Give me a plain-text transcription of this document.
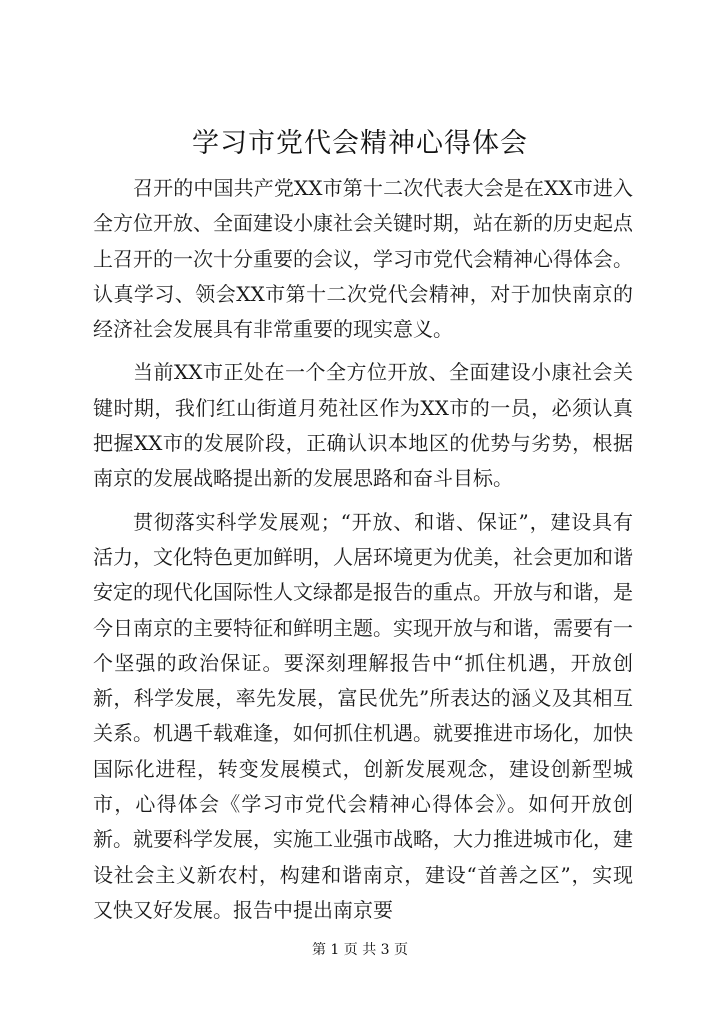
学习市党代会精神心得体会

召开的中国共产党XX市第十二次代表大会是在XX市进入全方位开放、全面建设小康社会关键时期，站在新的历史起点上召开的一次十分重要的会议，学习市党代会精神心得体会。认真学习、领会XX市第十二次党代会精神，对于加快南京的经济社会发展具有非常重要的现实意义。

当前XX市正处在一个全方位开放、全面建设小康社会关键时期，我们红山街道月苑社区作为XX市的一员，必须认真把握XX市的发展阶段，正确认识本地区的优势与劣势，根据南京的发展战略提出新的发展思路和奋斗目标。

贯彻落实科学发展观；“开放、和谐、保证”，建设具有活力，文化特色更加鲜明，人居环境更为优美，社会更加和谐安定的现代化国际性人文绿都是报告的重点。开放与和谐，是今日南京的主要特征和鲜明主题。实现开放与和谐，需要有一个坚强的政治保证。要深刻理解报告中“抓住机遇，开放创新，科学发展，率先发展，富民优先”所表达的涵义及其相互关系。机遇千载难逢，如何抓住机遇。就要推进市场化，加快国际化进程，转变发展模式，创新发展观念，建设创新型城市，心得体会《学习市党代会精神心得体会》。如何开放创新。就要科学发展，实施工业强市战略，大力推进城市化，建设社会主义新农村，构建和谐南京，建设“首善之区”，实现又快又好发展。报告中提出南京要

第 1 页 共 3 页
